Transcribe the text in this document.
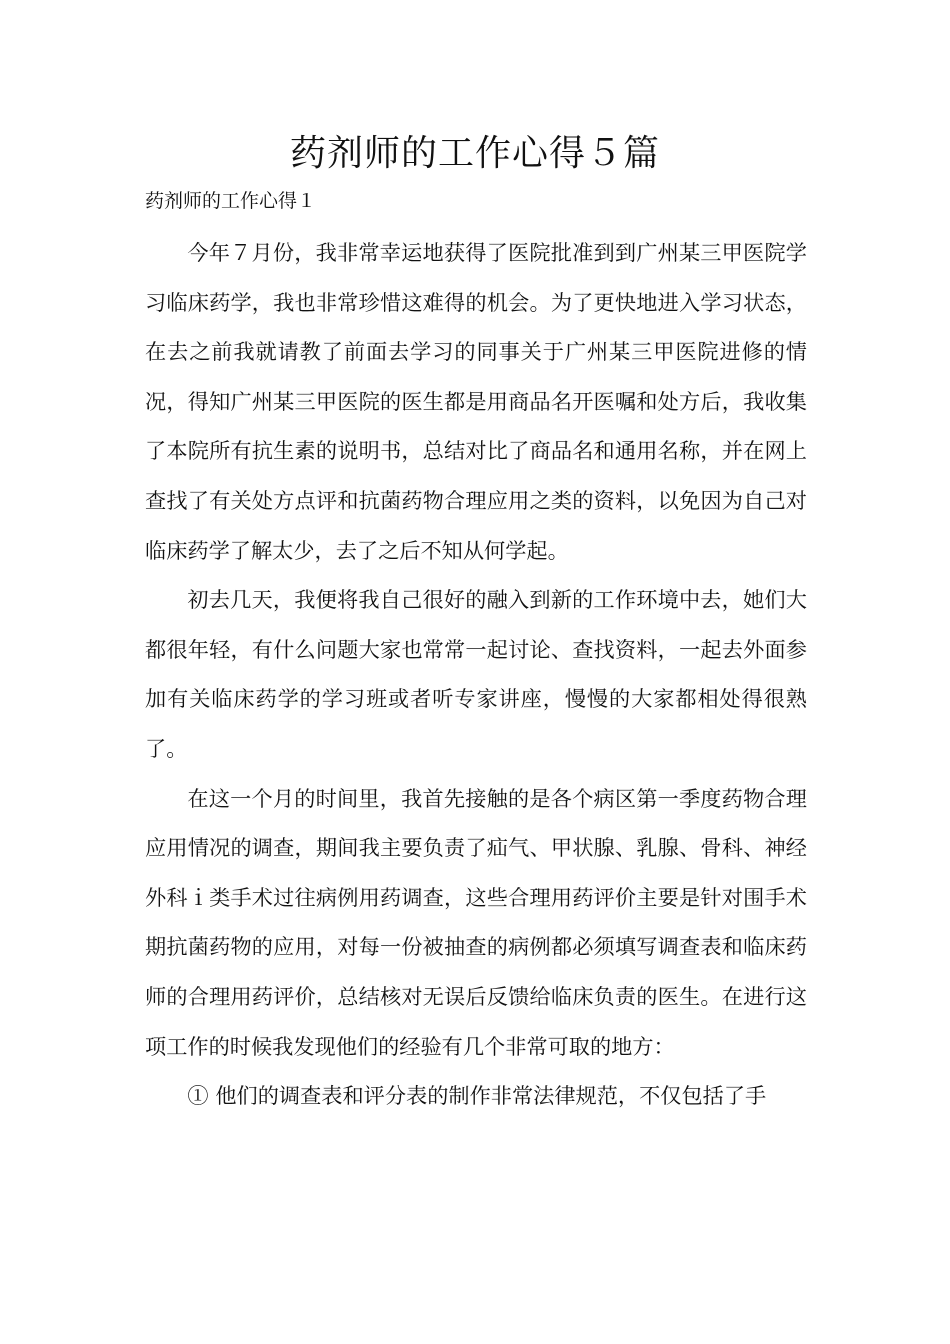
药剂师的工作心得５篇

药剂师的工作心得１

今年７月份，我非常幸运地获得了医院批准到到广州某三甲医院学习临床药学，我也非常珍惜这难得的机会。为了更快地进入学习状态，在去之前我就请教了前面去学习的同事关于广州某三甲医院进修的情况，得知广州某三甲医院的医生都是用商品名开医嘱和处方后，我收集了本院所有抗生素的说明书，总结对比了商品名和通用名称，并在网上查找了有关处方点评和抗菌药物合理应用之类的资料，以免因为自己对临床药学了解太少，去了之后不知从何学起。

初去几天，我便将我自己很好的融入到新的工作环境中去，她们大都很年轻，有什么问题大家也常常一起讨论、查找资料，一起去外面参加有关临床药学的学习班或者听专家讲座，慢慢的大家都相处得很熟了。

在这一个月的时间里，我首先接触的是各个病区第一季度药物合理应用情况的调查，期间我主要负责了疝气、甲状腺、乳腺、骨科、神经外科ｉ类手术过往病例用药调查，这些合理用药评价主要是针对围手术期抗菌药物的应用，对每一份被抽查的病例都必须填写调查表和临床药师的合理用药评价，总结核对无误后反馈给临床负责的医生。在进行这项工作的时候我发现他们的经验有几个非常可取的地方：

① 他们的调查表和评分表的制作非常法律规范，不仅包括了手
